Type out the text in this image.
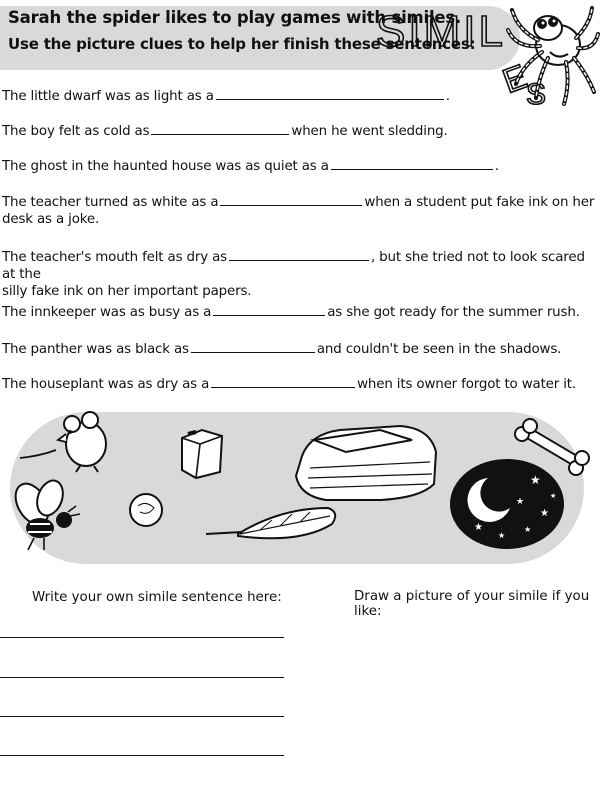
Sarah the spider likes to play games with similes.
Use the picture clues to help her finish these sentences:
SIMIL
E
S
The little dwarf was as light as a	.
The boy felt as cold as	when he went sledding.
The ghost in the haunted house was as quiet as a	.
The teacher turned as white as a	when a student put fake ink on her
desk as a joke.
The teacher's mouth felt as dry as	, but she tried not to look scared at the
silly fake ink on her important papers.
The innkeeper was as busy as a	as she got ready for the summer rush.
The panther was as black as	and couldn't be seen in the shadows.
The houseplant was as dry as a	when its owner forgot to water it.
★
★
★
★
★
★
★
★
Write your own simile sentence here:	Draw a picture of your simile if you like:
